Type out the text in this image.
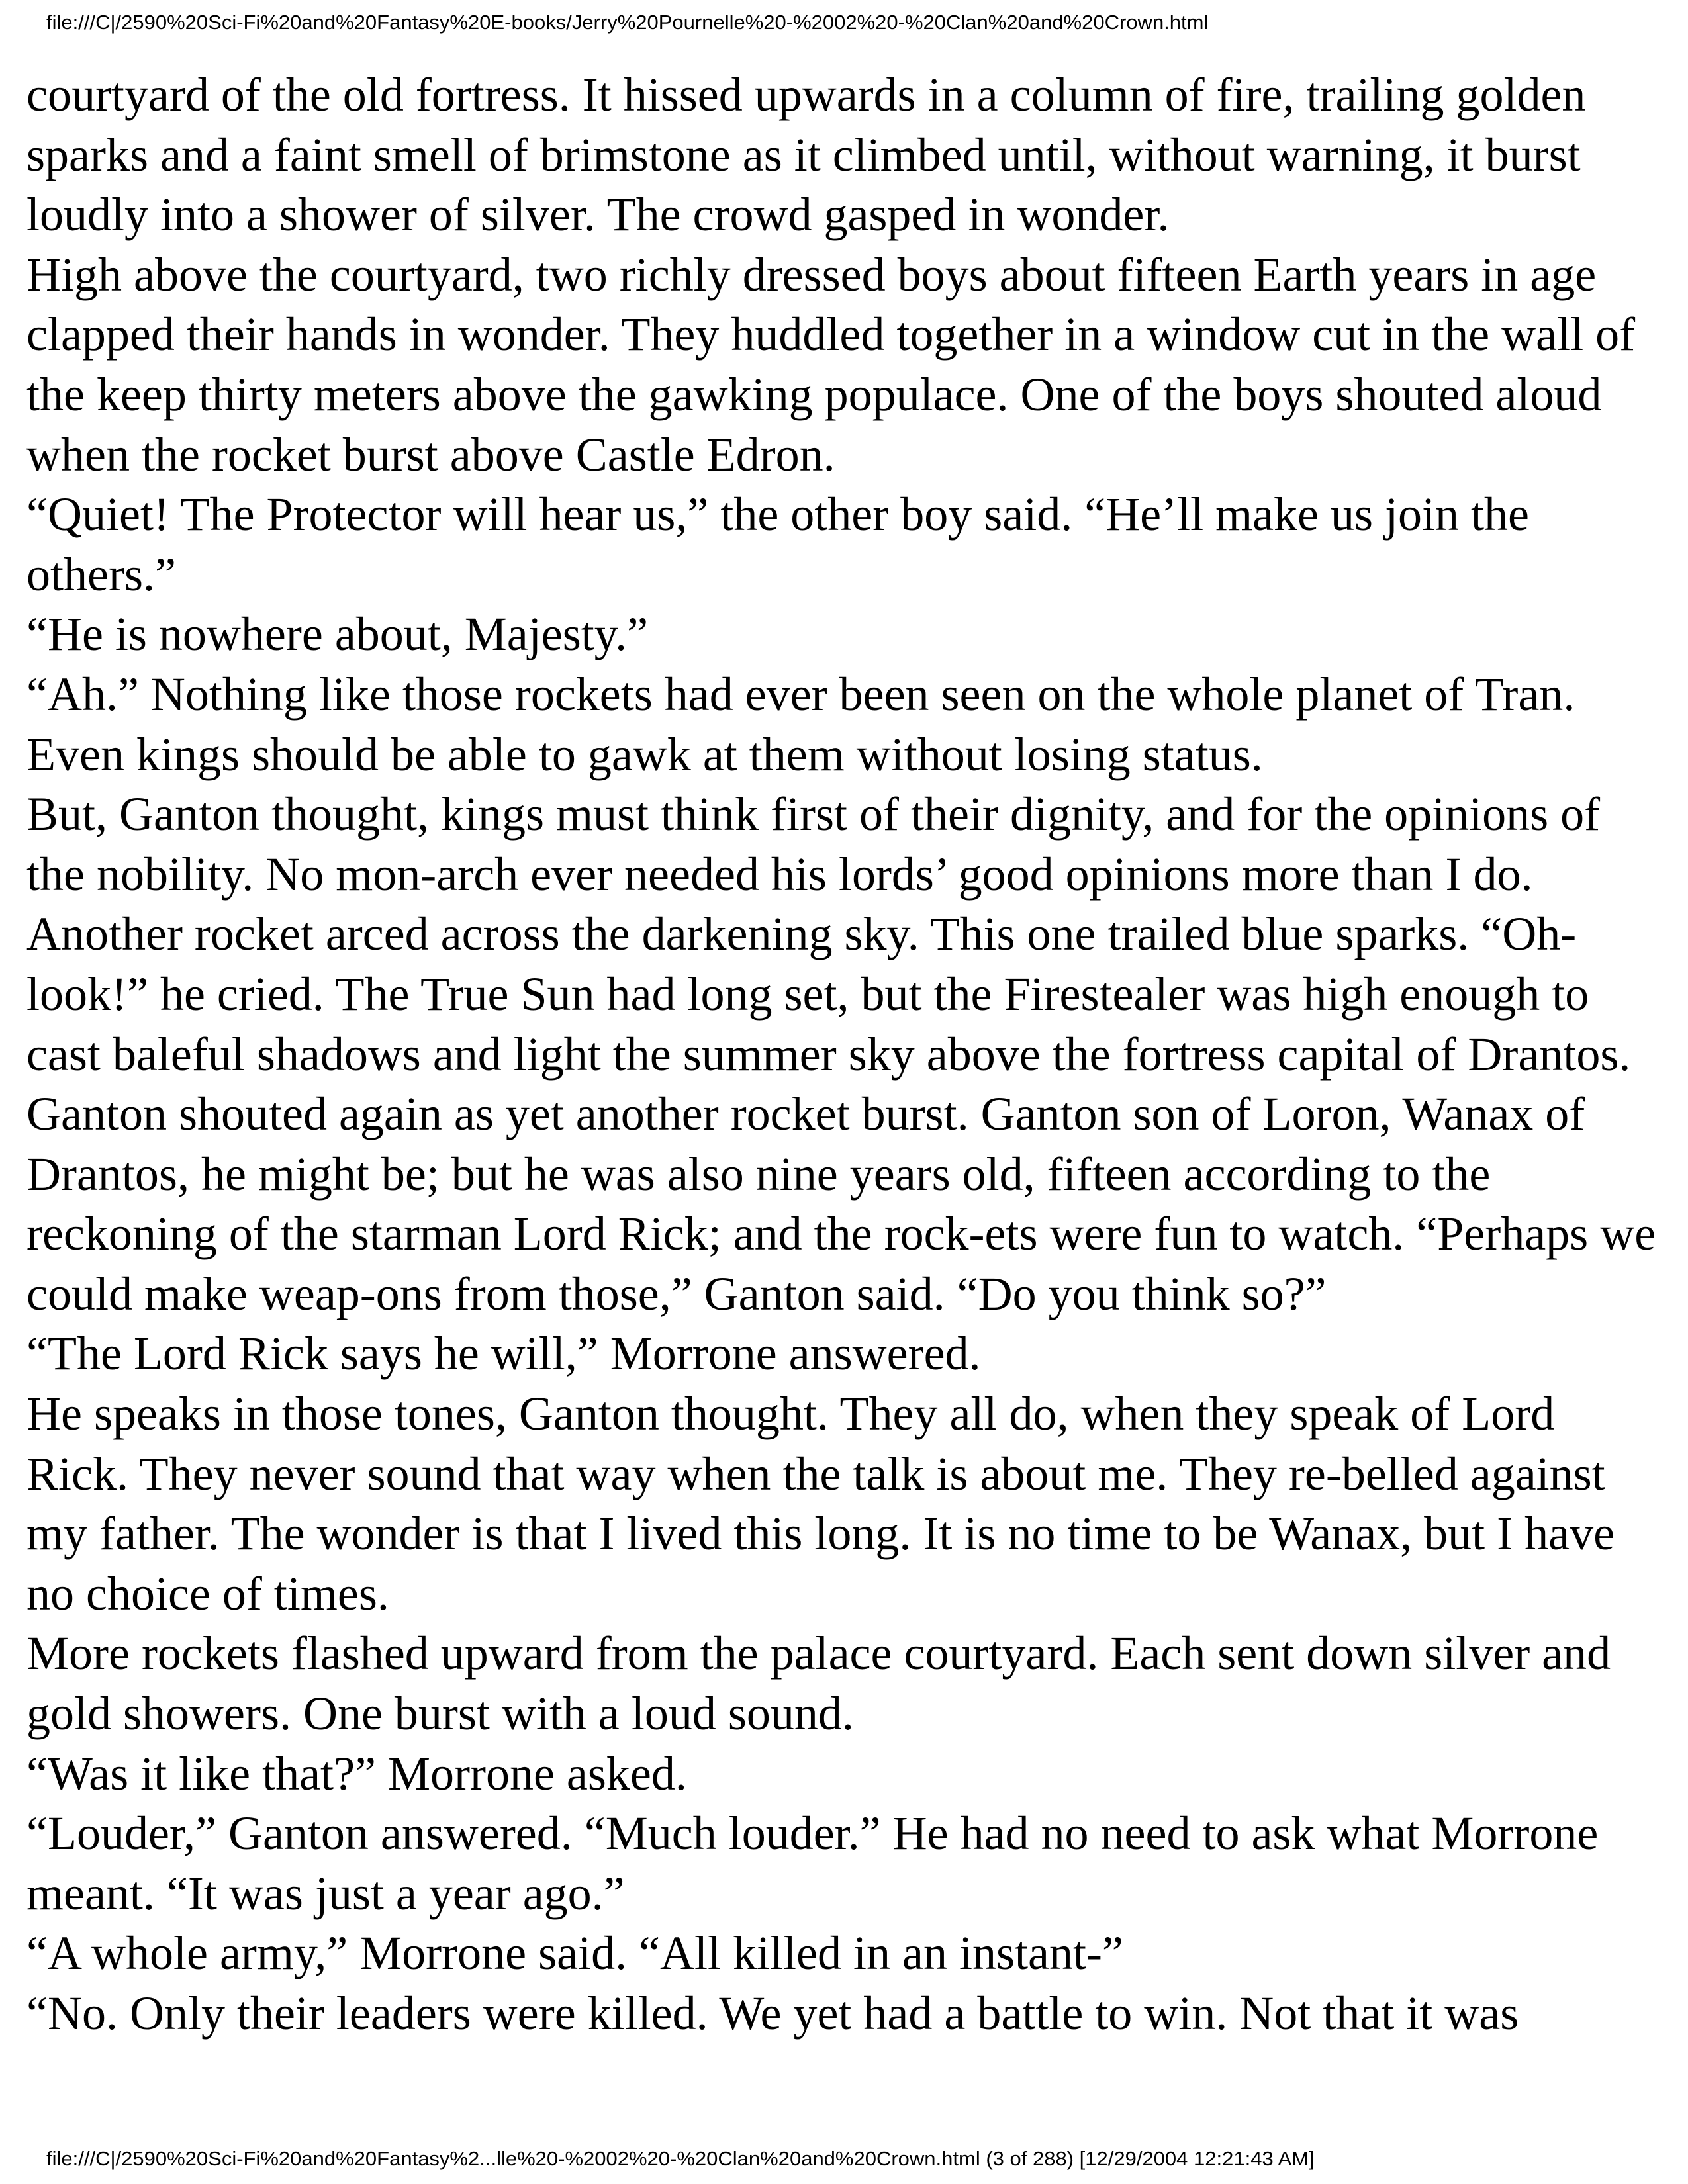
file:///C|/2590%20Sci-Fi%20and%20Fantasy%20E-books/Jerry%20Pournelle%20-%2002%20-%20Clan%20and%20Crown.html

courtyard of the old fortress. It hissed upwards in a column of fire, trailing golden sparks and a faint smell of brimstone as it climbed until, without warning, it burst loudly into a shower of silver. The crowd gasped in wonder.

High above the courtyard, two richly dressed boys about fifteen Earth years in age clapped their hands in wonder. They huddled together in a window cut in the wall of the keep thirty meters above the gawking populace. One of the boys shouted aloud when the rocket burst above Castle Edron.

“Quiet! The Protector will hear us,” the other boy said. “He’ll make us join the others.”

“He is nowhere about, Majesty.”

“Ah.” Nothing like those rockets had ever been seen on the whole planet of Tran. Even kings should be able to gawk at them without losing status.

But, Ganton thought, kings must think first of their dignity, and for the opinions of the nobility. No mon-arch ever needed his lords’ good opinions more than I do.

Another rocket arced across the darkening sky. This one trailed blue sparks. “Oh-look!” he cried. The True Sun had long set, but the Firestealer was high enough to cast baleful shadows and light the summer sky above the fortress capital of Drantos.

Ganton shouted again as yet another rocket burst. Ganton son of Loron, Wanax of Drantos, he might be; but he was also nine years old, fifteen according to the reckoning of the starman Lord Rick; and the rock-ets were fun to watch. “Perhaps we could make weap-ons from those,” Ganton said. “Do you think so?”

“The Lord Rick says he will,” Morrone answered.

He speaks in those tones, Ganton thought. They all do, when they speak of Lord Rick. They never sound that way when the talk is about me. They re-belled against my father. The wonder is that I lived this long. It is no time to be Wanax, but I have no choice of times.

More rockets flashed upward from the palace courtyard. Each sent down silver and gold showers. One burst with a loud sound.

“Was it like that?” Morrone asked.

“Louder,” Ganton answered. “Much louder.” He had no need to ask what Morrone meant. “It was just a year ago.”

“A whole army,” Morrone said. “All killed in an instant-”

“No. Only their leaders were killed. We yet had a battle to win. Not that it was

file:///C|/2590%20Sci-Fi%20and%20Fantasy%2...lle%20-%2002%20-%20Clan%20and%20Crown.html (3 of 288) [12/29/2004 12:21:43 AM]
